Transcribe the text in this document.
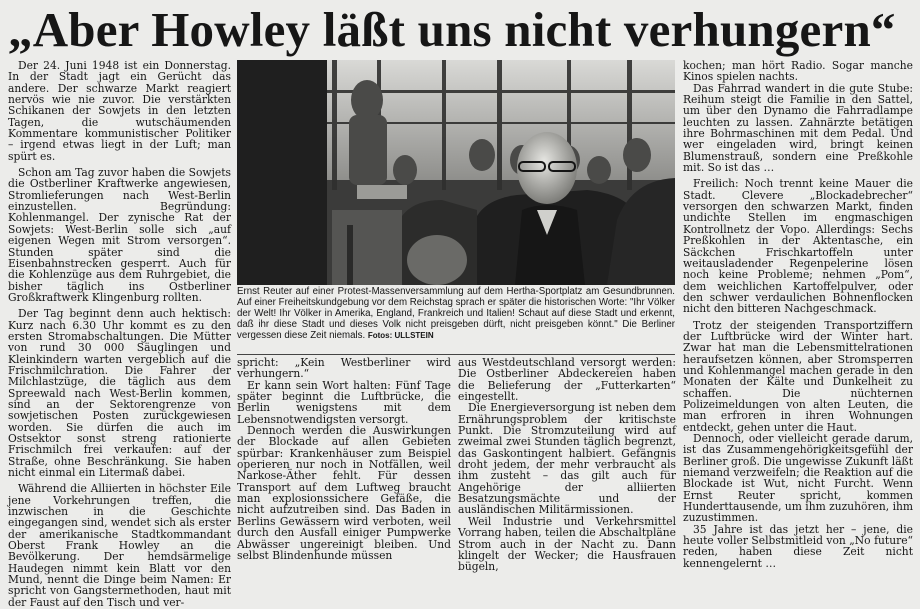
„Aber Howley läßt uns nicht verhungern“

Der 24. Juni 1948 ist ein Donnerstag. In der Stadt jagt ein Gerücht das andere. Der schwarze Markt reagiert nervös wie nie zuvor. Die verstärkten Schikanen der Sowjets in den letzten Tagen, die wutschäumenden Kommentare kommunistischer Politiker – irgend etwas liegt in der Luft; man spürt es.

Schon am Tag zuvor haben die Sowjets die Ostberliner Kraftwerke angewiesen, Stromlieferungen nach West-Berlin einzustellen. Begründung: Kohlenmangel. Der zynische Rat der Sowjets: West-Berlin solle sich „auf eigenen Wegen mit Strom versorgen“. Stunden später sind die Eisenbahnstrecken gesperrt. Auch für die Kohlenzüge aus dem Ruhrgebiet, die bisher täglich ins Ostberliner Großkraftwerk Klingenburg rollten.

Der Tag beginnt denn auch hektisch: Kurz nach 6.30 Uhr kommt es zu den ersten Stromabschaltungen. Die Mütter von rund 30 000 Säuglingen und Kleinkindern warten vergeblich auf die Frischmilchration. Die Fahrer der Milchlastzüge, die täglich aus dem Spreewald nach West-Berlin kommen, sind an der Sektorengrenze von sowjetischen Posten zurückgewiesen worden. Sie dürfen die auch im Ostsektor sonst streng rationierte Frischmilch frei verkaufen: auf der Straße, ohne Beschränkung. Sie haben nicht einmal ein Litermaß dabei.

Während die Alliierten in höchster Eile jene Vorkehrungen treffen, die inzwischen in die Geschichte eingegangen sind, wendet sich als erster der amerikanische Stadtkommandant Oberst Frank Howley an die Bevölkerung. Der hemdsärmelige Haudegen nimmt kein Blatt vor den Mund, nennt die Dinge beim Namen: Er spricht von Gangstermethoden, haut mit der Faust auf den Tisch und ver-

Ernst Reuter auf einer Protest-Massenversammlung auf dem Hertha-Sportplatz am Gesundbrunnen. Auf einer Freiheitskundgebung vor dem Reichstag sprach er später die historischen Worte: "Ihr Völker der Welt! Ihr Völker in Amerika, England, Frankreich und Italien! Schaut auf diese Stadt und erkennt, daß ihr diese Stadt und dieses Volk nicht preisgeben dürft, nicht preisgeben könnt." Die Berliner vergessen diese Zeit niemals. Fotos: ULLSTEIN

spricht: „Kein Westberliner wird verhungern.“

Er kann sein Wort halten: Fünf Tage später beginnt die Luftbrücke, die Berlin wenigstens mit dem Lebensnotwendigsten versorgt.

Dennoch werden die Auswirkungen der Blockade auf allen Gebieten spürbar: Krankenhäuser zum Beispiel operieren nur noch in Notfällen, weil Narkose-Äther fehlt. Für dessen Transport auf dem Luftweg braucht man explosionssichere Gefäße, die nicht aufzutreiben sind. Das Baden in Berlins Gewässern wird verboten, weil durch den Ausfall einiger Pumpwerke Abwässer ungereinigt bleiben. Und selbst Blindenhunde müssen

aus Westdeutschland versorgt werden: Die Ostberliner Abdeckereien haben die Belieferung der „Futterkarten“ eingestellt.

Die Energieversorgung ist neben dem Ernährungsproblem der kritischste Punkt. Die Stromzuteilung wird auf zweimal zwei Stunden täglich begrenzt, das Gaskontingent halbiert. Gefängnis droht jedem, der mehr verbraucht als ihm zusteht – das gilt auch für Angehörige der alliierten Besatzungsmächte und der ausländischen Militärmissionen.

Weil Industrie und Verkehrsmittel Vorrang haben, teilen die Abschaltpläne Strom auch in der Nacht zu. Dann klingelt der Wecker; die Hausfrauen bügeln,

kochen; man hört Radio. Sogar manche Kinos spielen nachts.

Das Fahrrad wandert in die gute Stube: Reihum steigt die Familie in den Sattel, um über den Dynamo die Fahrradlampe leuchten zu lassen. Zahnärzte betätigen ihre Bohrmaschinen mit dem Pedal. Und wer eingeladen wird, bringt keinen Blumenstrauß, sondern eine Preßkohle mit. So ist das …

Freilich: Noch trennt keine Mauer die Stadt. Clevere „Blockadebrecher“ versorgen den schwarzen Markt, finden undichte Stellen im engmaschigen Kontrollnetz der Vopo. Allerdings: Sechs Preßkohlen in der Aktentasche, ein Säckchen Frischkartoffeln unter weitausladender Regenpelerine lösen noch keine Probleme; nehmen „Pom“, dem weichlichen Kartoffelpulver, oder den schwer verdaulichen Bohnenflocken nicht den bitteren Nachgeschmack.

Trotz der steigenden Transportziffern der Luftbrücke wird der Winter hart. Zwar hat man die Lebensmittelrationen heraufsetzen können, aber Stromsperren und Kohlenmangel machen gerade in den Monaten der Kälte und Dunkelheit zu schaffen. Die nüchternen Polizeimeldungen von alten Leuten, die man erfroren in ihren Wohnungen entdeckt, gehen unter die Haut.

Dennoch, oder vielleicht gerade darum, ist das Zusammengehörigkeitsgefühl der Berliner groß. Die ungewisse Zukunft läßt niemand verzweifeln; die Reaktion auf die Blockade ist Wut, nicht Furcht. Wenn Ernst Reuter spricht, kommen Hunderttausende, um ihm zuzuhören, ihm zuzustimmen.

35 Jahre ist das jetzt her – jene, die heute voller Selbstmitleid von „No future“ reden, haben diese Zeit nicht kennengelernt …
